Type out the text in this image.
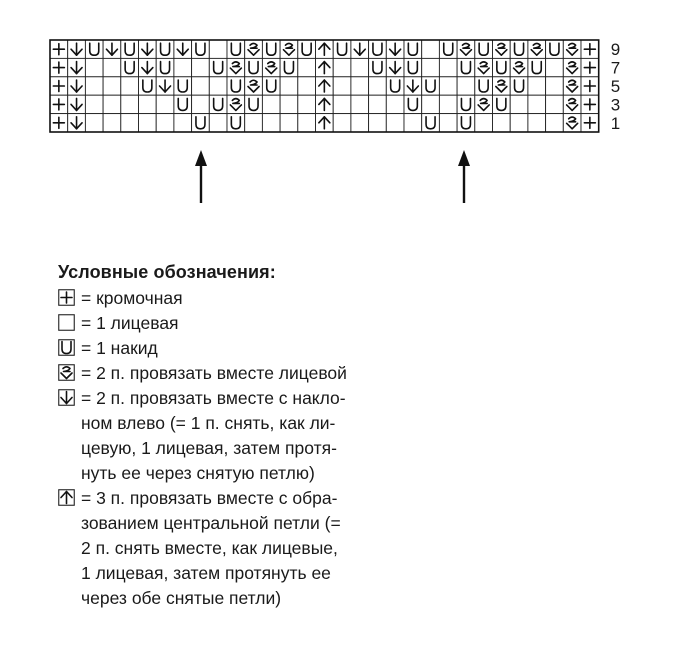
9
7
5
3
1
Условные обозначения:
= кромочная
= 1 лицевая
= 1 накид
= 2 п. провязать вместе лицевой
= 2 п. провязать вместе с накло-
ном влево (= 1 п. снять, как ли-
цевую, 1 лицевая, затем протя-
нуть ее через снятую петлю)
= 3 п. провязать вместе с обра-
зованием центральной петли (=
2 п. снять вместе, как лицевые,
1 лицевая, затем протянуть ее
через обе снятые петли)
